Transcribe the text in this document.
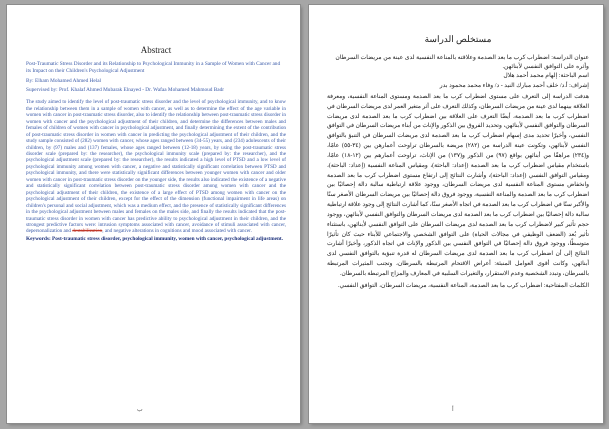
Abstract

Post-Traumatic Stress Disorder and its Relationship to Psychological Immunity in a Sample of Women with Cancer and its Impact on their Children's Psychological Adjustment

By: Elham Mohamed Ahmed Helal

Supervised by: Prof. Khalaf Ahmed Mubarak Elnayed - Dr. Wafaa Mohamed Mahmoud Badr

The study aimed to identify the level of post-traumatic stress disorder and the level of psychological immunity, and to know the relationship between them in a sample of women with cancer, as well as to determine the effect of the age variable in women with cancer in post-traumatic stress disorder, also to identify the relationship between post-traumatic stress disorder in women with cancer and the psychological adjustment of their children, and determine the differences between males and females of children of women with cancer in psychological adjustment, and finally determining the extent of the contribution of post-traumatic stress disorder in women with cancer in predicting the psychological adjustment of their children, and the study sample consisted of (282) women with cancer, whose ages ranged between (34-55) years, and (234) adolescents of their children, by (97) males and (137) females, whose ages ranged between (12-18) years, by using the post-traumatic stress disorder scale (prepared by: the researcher), the psychological immunity scale (prepared by: the researcher), and the psychological adjustment scale (prepared by: the researcher), the results indicated a high level of PTSD and a low level of psychological immunity among women with cancer, a negative and statistically significant correlation between PTSD and psychological immunity, and there were statistically significant differences between younger women with cancer and older women with cancer in post-traumatic stress disorder on the younger side, the results also indicated the existence of a negative and statistically significant correlation between post-traumatic stress disorder among women with cancer and the psychological adjustment of their children, the existence of a large effect of PTSD among women with cancer on the psychological adjustment of their children, except for the effect of the dimension (functional impairment in life areas) on children's personal and social adjustment, which was a medium effect, and the presence of statistically significant differences in the psychological adjustment between males and females on the males side, and finally the results indicated that the post-traumatic stress disorder in women with cancer has predictive ability to psychological adjustment in their children, and the strongest predictive factors were: intrusion symptoms associated with cancer, avoidance of stimuli associated with cancer, depersonalization and destabilization, and negative alterations in cognitions and mood associated with cancer.

Keywords: Post-traumatic stress disorder, psychological immunity, women with cancer, psychological adjustment.
ب
مستخلص الدراسة

عنوان الدراسة: اضطراب كرب ما بعد الصدمة وعلاقته بالمناعة النفسية لدى عينة من مريضات السرطان وأثره على التوافق النفسي لأبنائهن.

اسم الباحثة: إلهام محمد أحمد هلال

إشراف: أ.د/ خلف أحمد مبارك النيد - د/ وفاء محمد محمود بدر

هدفت الدراسة إلى التعرف على مستوى اضطراب كرب ما بعد الصدمة ومستوى المناعة النفسية، ومعرفة العلاقة بينهما لدى عينة من مريضات السرطان، وكذلك التعرف على أثر متغير العمر لدى مريضات السرطان في اضطراب كرب ما بعد الصدمة، أيضًا التعرف على العلاقة بين اضطراب كرب ما بعد الصدمة لدى مريضات السرطان والتوافق النفسي لأبنائهن، وتحديد الفروق بين الذكور والإناث من أبناء مريضات السرطان في التوافق النفسي، وأخيرًا تحديد مدى إسهام اضطراب كرب ما بعد الصدمة لدى مريضات السرطان في التنبؤ بالتوافق النفسي لأبنائهن، وتكونت عينة الدراسة من (٢٨٢) مريضة بالسرطان تراوحت أعمارهن بين (٣٤-٥٥) عامًا، و(٢٣٤) مراهقًا من أبنائهن بواقع (٩٧) من الذكور و(١٣٧) من الإناث، تراوحت أعمارهم بين (١٢-١٨) عامًا، باستخدام مقياس اضطراب كرب ما بعد الصدمة (إعداد: الباحثة)، ومقياس المناعة النفسية (إعداد: الباحثة)، ومقياس التوافق النفسي (إعداد: الباحثة)، وأشارت النتائج إلى ارتفاع مستوى اضطراب كرب ما بعد الصدمة وانخفاض مستوى المناعة النفسية لدى مريضات السرطان، ووجود علاقة ارتباطية سالبة دالة إحصائيًا بين اضطراب كرب ما بعد الصدمة والمناعة النفسية، ووجود فروق دالة إحصائيًا بين مريضات السرطان الأصغر سنًا والأكبر سنًا في اضطراب كرب ما بعد الصدمة في اتجاه الأصغر سنًا، كما أشارت النتائج إلى وجود علاقة ارتباطية سالبة دالة إحصائيًا بين اضطراب كرب ما بعد الصدمة لدى مريضات السرطان والتوافق النفسي لأبنائهن، ووجود حجم تأثير كبير لاضطراب كرب ما بعد الصدمة لدى مريضات السرطان على التوافق النفسي لأبنائهن، باستثناء تأثير بُعد (الضعف الوظيفي في مجالات الحياة) على التوافق الشخصي والاجتماعي للأبناء حيث كان تأثيرًا متوسطًا، ووجود فروق دالة إحصائيًا في التوافق النفسي بين الذكور والإناث في اتجاه الذكور، وأخيرًا أشارت النتائج إلى أن اضطراب كرب ما بعد الصدمة لدى مريضات السرطان له قدرة تنبؤية بالتوافق النفسي لدى أبنائهن، وكانت أقوى العوامل المنبئة: أعراض الاقتحام المرتبطة بالسرطان، وتجنب المثيرات المرتبطة بالسرطان، وتبدد الشخصية وعدم الاستقرار، والتغيرات السلبية في المعارف والمزاج المرتبطة بالسرطان.

الكلمات المفتاحية: اضطراب كرب ما بعد الصدمة، المناعة النفسية، مريضات السرطان، التوافق النفسي.
أ
